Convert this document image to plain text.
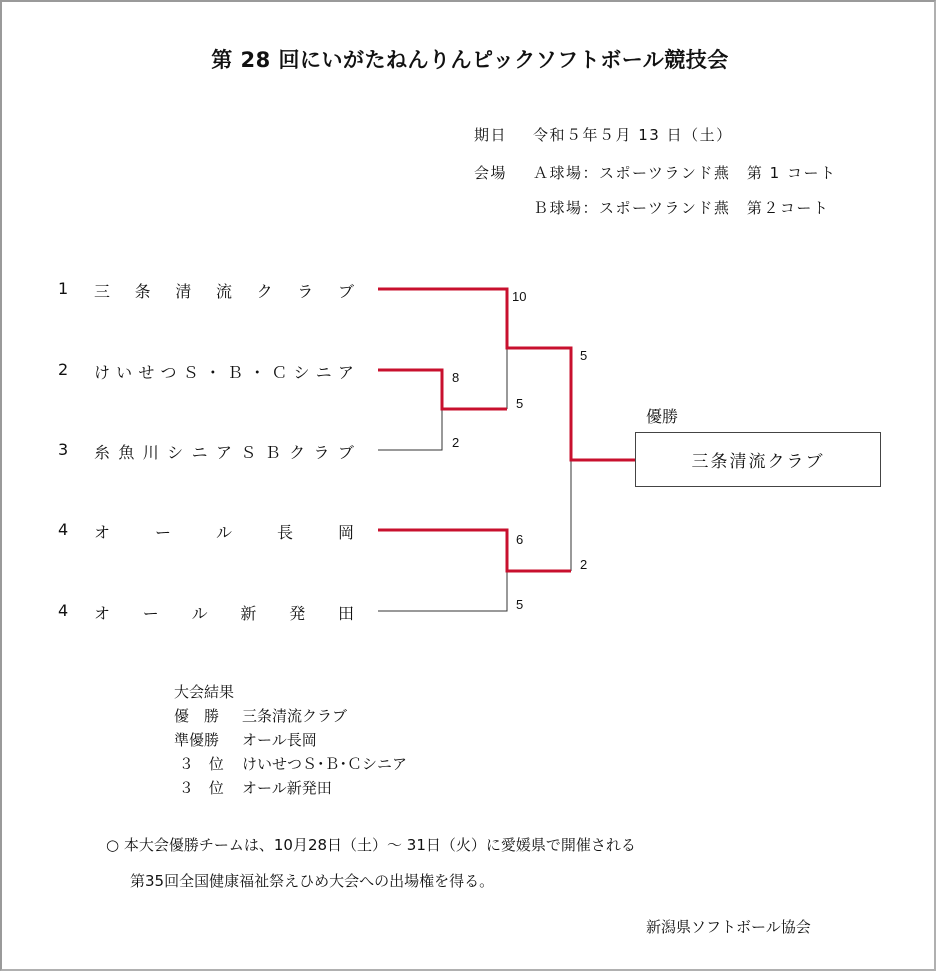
第 28 回にいがたねんりんピックソフトボール競技会
期日 令和５年５月 13 日（土）
会場 Ａ球場：スポーツランド燕　第 1 コート
Ｂ球場：スポーツランド燕　第２コート

1

三 条 清 流 ク ラ ブ

2

け い せ つ Ｓ ・ Ｂ ・ Ｃ シ ニ ア

3

糸 魚 川 シ ニ ア Ｓ Ｂ ク ラ ブ

4

オ	ー	ル	長	岡

4

オ ー ル 新 発 田

10
8
2
5
6
5
5
2
優勝
三条清流クラブ
大会結果
優　勝	三条清流クラブ
準優勝	オール長岡
３　位	けいせつＳ･Ｂ･Ｃシニア
３　位	オール新発田
○ 本大会優勝チームは、10月28日（土）～ 31日（火）に愛媛県で開催される
第35回全国健康福祉祭えひめ大会への出場権を得る。
新潟県ソフトボール協会
